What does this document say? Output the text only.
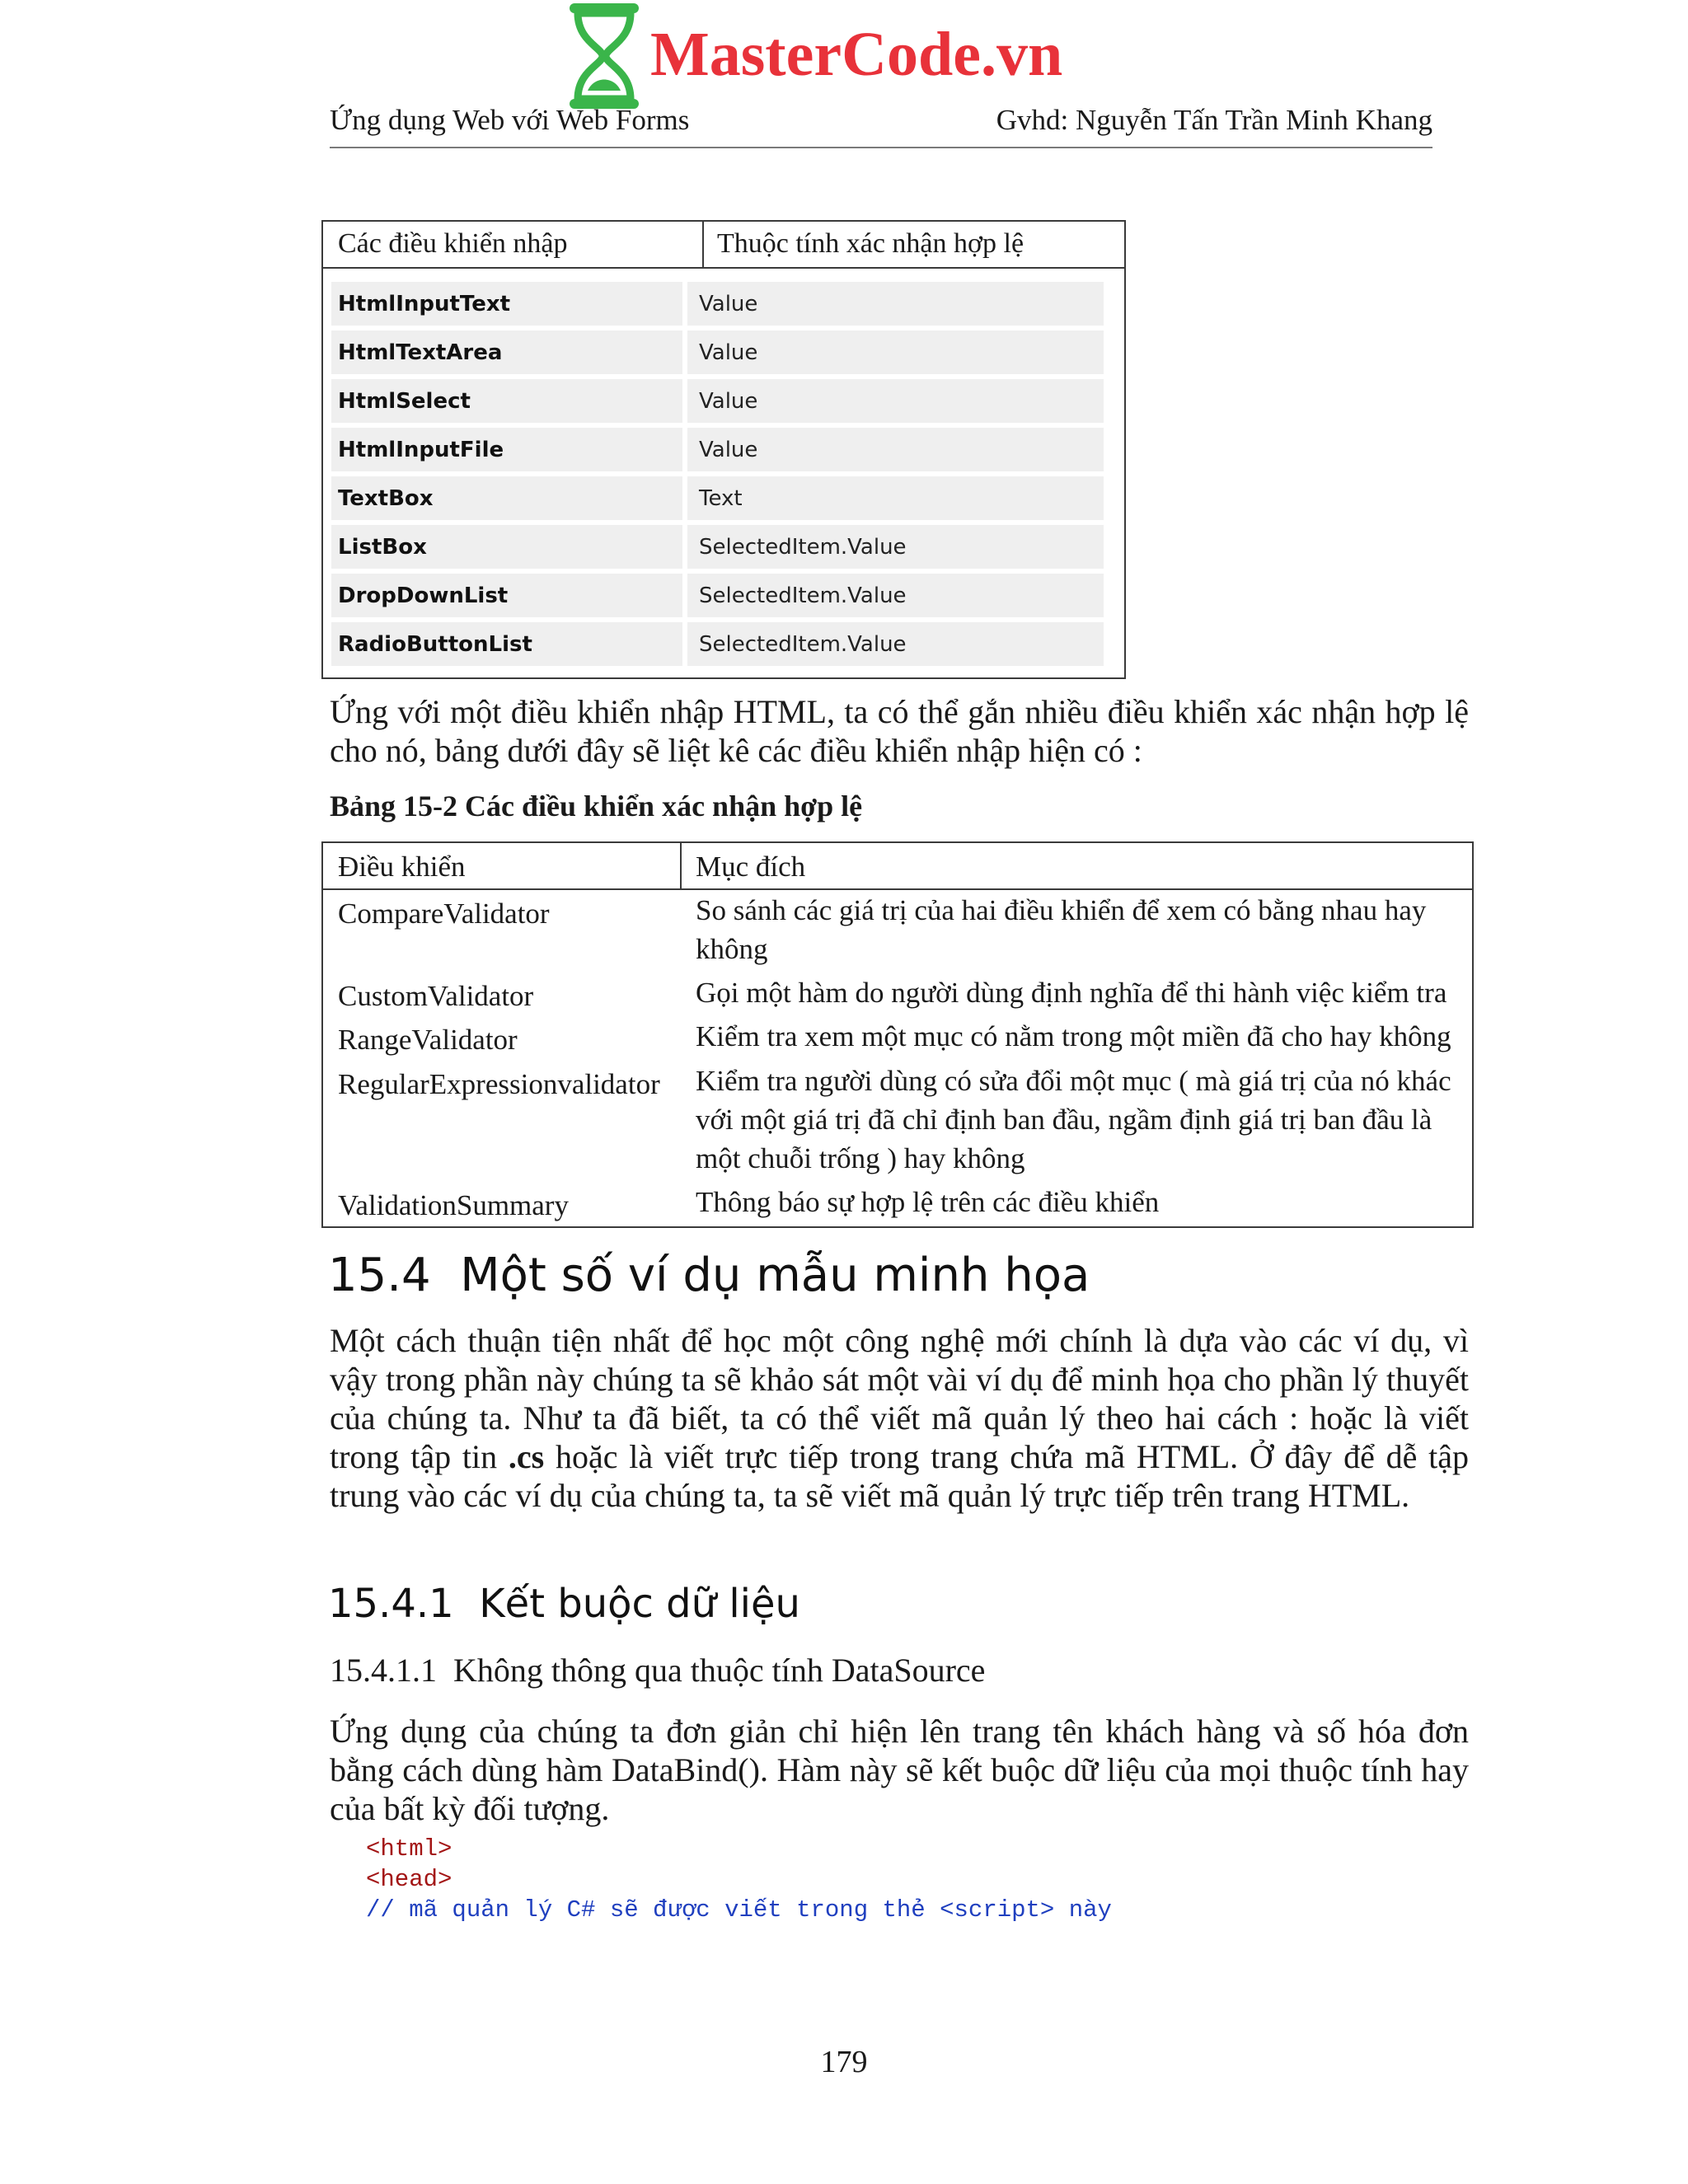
MasterCode.vn
Ứng dụng Web với Web Forms	Gvhd: Nguyễn Tấn Trần Minh Khang
Các điều khiển nhập	Thuộc tính xác nhận hợp lệ
HtmlInputText	Value
HtmlTextArea	Value
HtmlSelect	Value
HtmlInputFile	Value
TextBox	Text
ListBox	SelectedItem.Value
DropDownList	SelectedItem.Value
RadioButtonList	SelectedItem.Value
Ứng với một điều khiển nhập HTML, ta có thể gắn nhiều điều khiển xác nhận hợp lệ cho nó, bảng dưới đây sẽ liệt kê các điều khiển nhập hiện có :
Bảng 15-2 Các điều khiển xác nhận hợp lệ
Điều khiển	Mục đích
CompareValidator	So sánh các giá trị của hai điều khiển để xem có bằng nhau hay không
CustomValidator	Gọi một hàm do người dùng định nghĩa để thi hành việc kiểm tra
RangeValidator	Kiểm tra xem một mục có nằm trong một miền đã cho hay không
RegularExpressionvalidator Kiểm tra người dùng có sửa đổi một mục ( mà giá trị của nó khác với một giá trị đã chỉ định ban đầu, ngầm định giá trị ban đầu là một chuỗi trống ) hay không
ValidationSummary	Thông báo sự hợp lệ trên các điều khiển
15.4 Một số ví dụ mẫu minh họa
Một cách thuận tiện nhất để học một công nghệ mới chính là dựa vào các ví dụ, vì vậy trong phần này chúng ta sẽ khảo sát một vài ví dụ để minh họa cho phần lý thuyết của chúng ta. Như ta đã biết, ta có thể viết mã quản lý theo hai cách : hoặc là viết trong tập tin .cs hoặc là viết trực tiếp trong trang chứa mã HTML. Ở đây để dễ tập trung vào các ví dụ của chúng ta, ta sẽ viết mã quản lý trực tiếp trên trang HTML.
15.4.1 Kết buộc dữ liệu
15.4.1.1 Không thông qua thuộc tính DataSource
Ứng dụng của chúng ta đơn giản chỉ hiện lên trang tên khách hàng và số hóa đơn bằng cách dùng hàm DataBind(). Hàm này sẽ kết buộc dữ liệu của mọi thuộc tính hay của bất kỳ đối tượng.
<html>
<head>
// mã quản lý C# sẽ được viết trong thẻ <script> này
179
